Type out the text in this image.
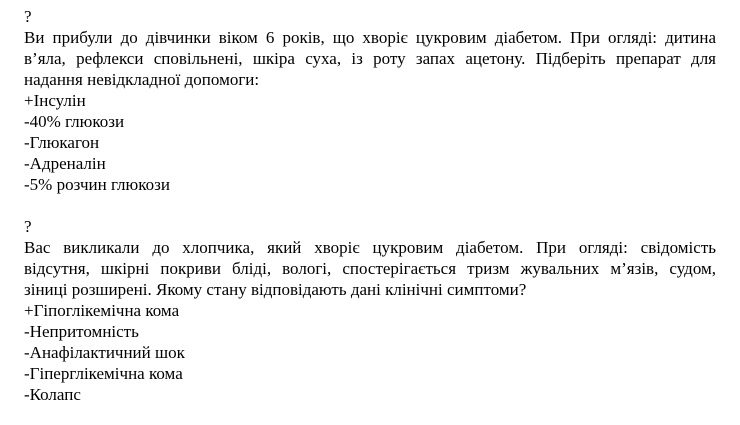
?
Ви прибули до дівчинки віком 6 років, що хворіє цукровим діабетом. При огляді: дитина
в’яла, рефлекси сповільнені, шкіра суха, із роту запах ацетону. Підберіть препарат для
надання невідкладної допомоги:
+Інсулін
-40% глюкози
-Глюкагон
-Адреналін
-5% розчин глюкози
?
Вас викликали до хлопчика, який хворіє цукровим діабетом. При огляді: свідомість
відсутня, шкірні покриви бліді, вологі, спостерігається тризм жувальних м’язів, судом,
зіниці розширені. Якому стану відповідають дані клінічні симптоми?
+Гіпоглікемічна кома
-Непритомність
-Анафілактичний шок
-Гіперглікемічна кома
-Колапс
